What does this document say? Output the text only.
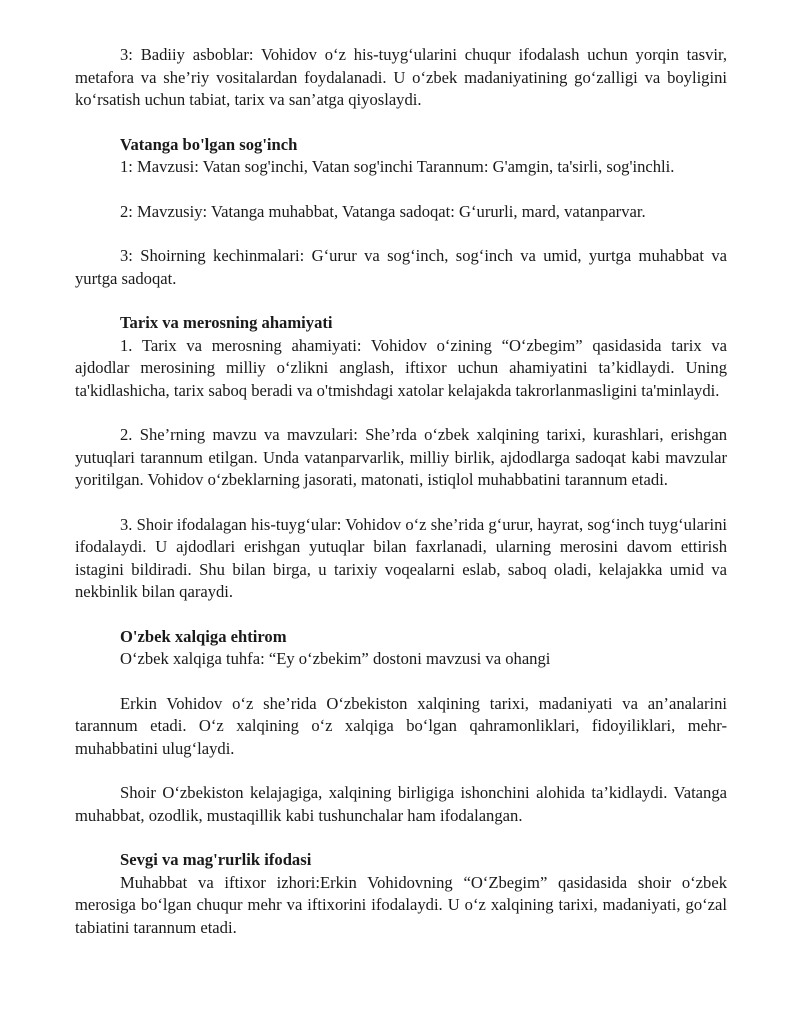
3: Badiiy asboblar: Vohidov o‘z his-tuyg‘ularini chuqur ifodalash uchun yorqin tasvir, metafora va she’riy vositalardan foydalanadi. U o‘zbek madaniyatining go‘zalligi va boyligini ko‘rsatish uchun tabiat, tarix va san’atga qiyoslaydi.

Vatanga bo'lgan sog'inch

1: Mavzusi: Vatan sog'inchi, Vatan sog'inchi Tarannum: G'amgin, ta'sirli, sog'inchli.

2: Mavzusiy: Vatanga muhabbat, Vatanga sadoqat: G‘ururli, mard, vatanparvar.

3: Shoirning kechinmalari: G‘urur va sog‘inch, sog‘inch va umid, yurtga muhabbat va yurtga sadoqat.

Tarix va merosning ahamiyati

1. Tarix va merosning ahamiyati: Vohidov o‘zining “O‘zbegim” qasidasida tarix va ajdodlar merosining milliy o‘zlikni anglash, iftixor uchun ahamiyatini ta’kidlaydi. Uning ta'kidlashicha, tarix saboq beradi va o'tmishdagi xatolar kelajakda takrorlanmasligini ta'minlaydi.

2. She’rning mavzu va mavzulari: She’rda o‘zbek xalqining tarixi, kurashlari, erishgan yutuqlari tarannum etilgan. Unda vatanparvarlik, milliy birlik, ajdodlarga sadoqat kabi mavzular yoritilgan. Vohidov o‘zbeklarning jasorati, matonati, istiqlol muhabbatini tarannum etadi.

3. Shoir ifodalagan his-tuyg‘ular: Vohidov o‘z she’rida g‘urur, hayrat, sog‘inch tuyg‘ularini ifodalaydi. U ajdodlari erishgan yutuqlar bilan faxrlanadi, ularning merosini davom ettirish istagini bildiradi. Shu bilan birga, u tarixiy voqealarni eslab, saboq oladi, kelajakka umid va nekbinlik bilan qaraydi.

O'zbek xalqiga ehtirom

O‘zbek xalqiga tuhfa: “Ey o‘zbekim” dostoni mavzusi va ohangi

Erkin Vohidov o‘z she’rida O‘zbekiston xalqining tarixi, madaniyati va an’analarini tarannum etadi. O‘z xalqining o‘z xalqiga bo‘lgan qahramonliklari, fidoyiliklari, mehr-muhabbatini ulug‘laydi.

Shoir O‘zbekiston kelajagiga, xalqining birligiga ishonchini alohida ta’kidlaydi. Vatanga muhabbat, ozodlik, mustaqillik kabi tushunchalar ham ifodalangan.

Sevgi va mag'rurlik ifodasi

Muhabbat va iftixor izhori:Erkin Vohidovning “O‘Zbegim” qasidasida shoir o‘zbek merosiga bo‘lgan chuqur mehr va iftixorini ifodalaydi. U o‘z xalqining tarixi, madaniyati, go‘zal tabiatini tarannum etadi.
